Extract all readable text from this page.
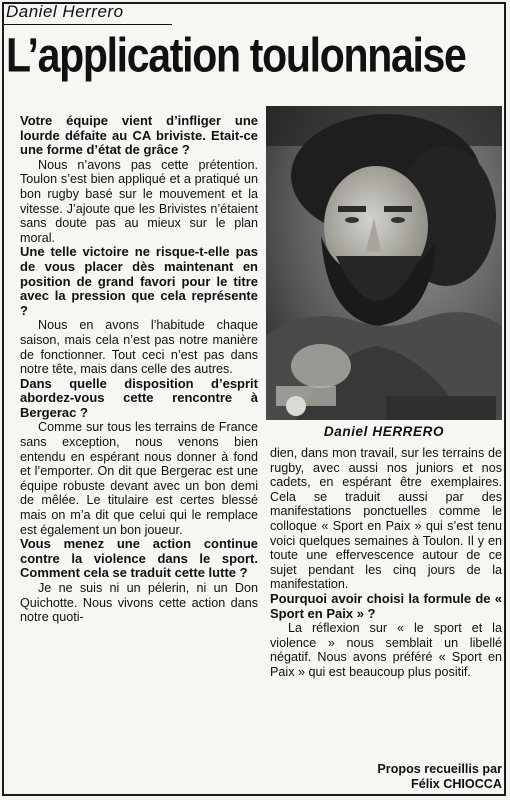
Daniel Herrero
L’application toulonnaise

Votre équipe vient d’infliger une lourde défaite au CA briviste. Etait-ce une forme d’état de grâce ?

Nous n’avons pas cette prétention. Toulon s’est bien appliqué et a pratiqué un bon rugby basé sur le mouvement et la vitesse. J’ajoute que les Brivistes n’étaient sans doute pas au mieux sur le plan moral.

Une telle victoire ne risque-t-elle pas de vous placer dès maintenant en position de grand favori pour le titre avec la pression que cela représente ?

Nous en avons l’habitude chaque saison, mais cela n’est pas notre manière de fonctionner. Tout ceci n’est pas dans notre tête, mais dans celle des autres.

Dans quelle disposition d’esprit abordez-vous cette rencontre à Bergerac ?

Comme sur tous les terrains de France sans exception, nous venons bien entendu en espérant nous donner à fond et l’emporter. On dit que Bergerac est une équipe robuste devant avec un bon demi de mêlée. Le titulaire est certes blessé mais on m’a dit que celui qui le remplace est également un bon joueur.

Vous menez une action continue contre la violence dans le sport. Comment cela se traduit cette lutte ?

Je ne suis ni un pélerin, ni un Don Quichotte. Nous vivons cette action dans notre quoti-

Daniel HERRERO

dien, dans mon travail, sur les terrains de rugby, avec aussi nos juniors et nos cadets, en espérant être exemplaires. Cela se traduit aussi par des manifestations ponctuelles comme le colloque « Sport en Paix » qui s’est tenu voici quelques semaines à Toulon. Il y en toute une effervescence autour de ce sujet pendant les cinq jours de la manifestation.

Pourquoi avoir choisi la formule de « Sport en Paix » ?

La réflexion sur « le sport et la violence » nous semblait un libellé négatif. Nous avons préféré « Sport en Paix » qui est beaucoup plus positif.

Propos recueillis par
Félix CHIOCCA
